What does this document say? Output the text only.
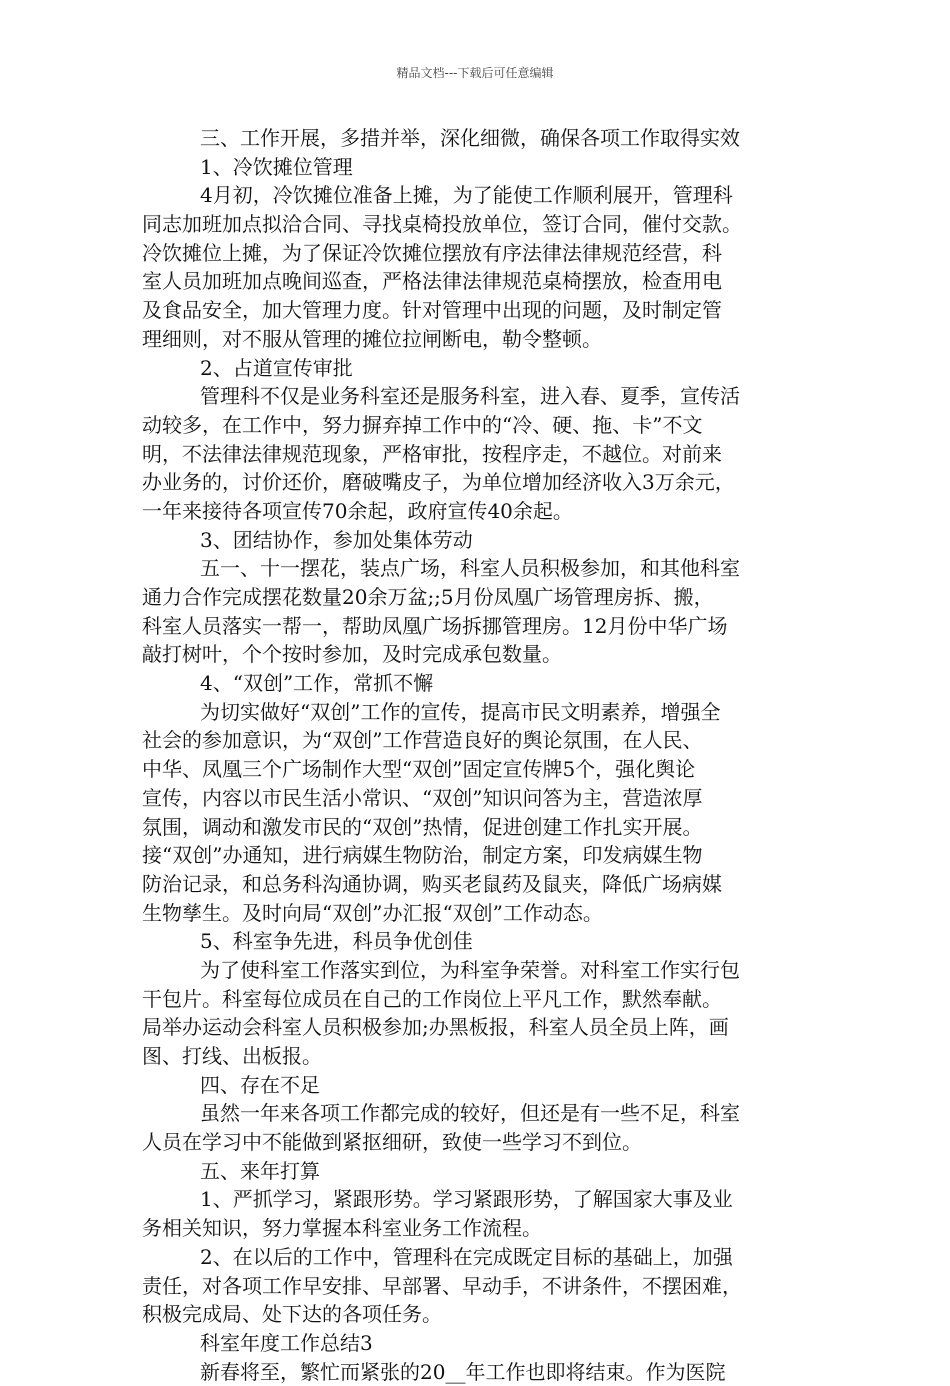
精品文档---下载后可任意编辑
三、工作开展，多措并举，深化细微，确保各项工作取得实效
1、冷饮摊位管理
4月初，冷饮摊位准备上摊，为了能使工作顺利展开，管理科
同志加班加点拟洽合同、寻找桌椅投放单位，签订合同，催付交款。
冷饮摊位上摊，为了保证冷饮摊位摆放有序法律法律规范经营，科
室人员加班加点晚间巡查，严格法律法律规范桌椅摆放，检查用电
及食品安全，加大管理力度。针对管理中出现的问题，及时制定管
理细则，对不服从管理的摊位拉闸断电，勒令整顿。
2、占道宣传审批
管理科不仅是业务科室还是服务科室，进入春、夏季，宣传活
动较多，在工作中，努力摒弃掉工作中的“冷、硬、拖、卡”不文
明，不法律法律规范现象，严格审批，按程序走，不越位。对前来
办业务的，讨价还价，磨破嘴皮子，为单位增加经济收入3万余元，
一年来接待各项宣传70余起，政府宣传40余起。
3、团结协作，参加处集体劳动
五一、十一摆花，装点广场，科室人员积极参加，和其他科室
通力合作完成摆花数量20余万盆;;5月份凤凰广场管理房拆、搬，
科室人员落实一帮一，帮助凤凰广场拆挪管理房。12月份中华广场
敲打树叶，个个按时参加，及时完成承包数量。
4、“双创”工作，常抓不懈
为切实做好“双创”工作的宣传，提高市民文明素养，增强全
社会的参加意识，为“双创”工作营造良好的舆论氛围，在人民、
中华、凤凰三个广场制作大型“双创”固定宣传牌5个，强化舆论
宣传，内容以市民生活小常识、“双创”知识问答为主，营造浓厚
氛围，调动和激发市民的“双创”热情，促进创建工作扎实开展。
接“双创”办通知，进行病媒生物防治，制定方案，印发病媒生物
防治记录，和总务科沟通协调，购买老鼠药及鼠夹，降低广场病媒
生物孳生。及时向局“双创”办汇报“双创”工作动态。
5、科室争先进，科员争优创佳
为了使科室工作落实到位，为科室争荣誉。对科室工作实行包
干包片。科室每位成员在自己的工作岗位上平凡工作，默然奉献。
局举办运动会科室人员积极参加;办黑板报，科室人员全员上阵，画
图、打线、出板报。
四、存在不足
虽然一年来各项工作都完成的较好，但还是有一些不足，科室
人员在学习中不能做到紧抠细研，致使一些学习不到位。
五、来年打算
1、严抓学习，紧跟形势。学习紧跟形势，了解国家大事及业
务相关知识，努力掌握本科室业务工作流程。
2、在以后的工作中，管理科在完成既定目标的基础上，加强
责任，对各项工作早安排、早部署、早动手，不讲条件，不摆困难，
积极完成局、处下达的各项任务。
科室年度工作总结3
新春将至，繁忙而紧张的20__年工作也即将结束。作为医院
